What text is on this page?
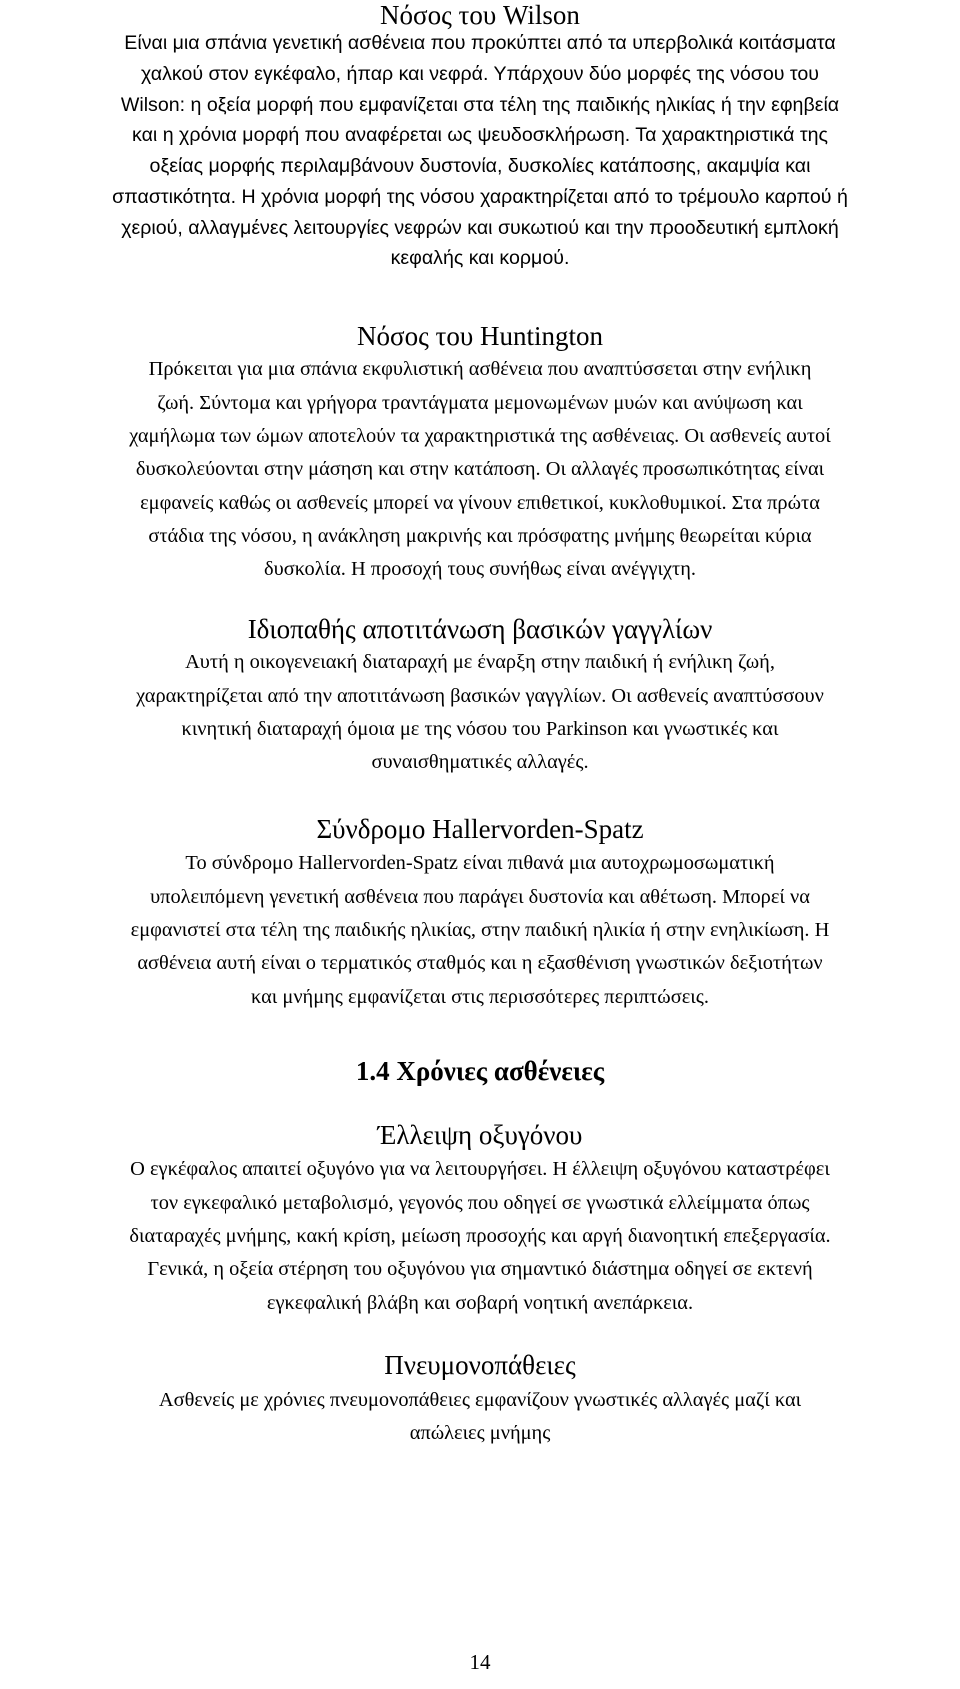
Νόσος του Wilson

Είναι μια σπάνια γενετική ασθένεια που προκύπτει από τα υπερβολικά κοιτάσματα

χαλκού στον εγκέφαλο, ήπαρ και νεφρά. Υπάρχουν δύο μορφές της νόσου του

Wilson: η οξεία μορφή που εμφανίζεται στα τέλη της παιδικής ηλικίας ή την εφηβεία

και η χρόνια μορφή που αναφέρεται ως ψευδοσκλήρωση. Τα χαρακτηριστικά της

οξείας μορφής περιλαμβάνουν δυστονία, δυσκολίες κατάποσης, ακαμψία και

σπαστικότητα. Η χρόνια μορφή της νόσου χαρακτηρίζεται από το τρέμουλο καρπού ή

χεριού, αλλαγμένες λειτουργίες νεφρών και συκωτιού και την προοδευτική εμπλοκή

κεφαλής και κορμού.

Νόσος του Huntington

Πρόκειται για μια σπάνια εκφυλιστική ασθένεια που αναπτύσσεται στην ενήλικη

ζωή. Σύντομα και γρήγορα τραντάγματα μεμονωμένων μυών και ανύψωση και

χαμήλωμα των ώμων αποτελούν τα χαρακτηριστικά της ασθένειας. Οι ασθενείς αυτοί

δυσκολεύονται στην μάσηση και στην κατάποση. Οι αλλαγές προσωπικότητας είναι

εμφανείς καθώς οι ασθενείς μπορεί να γίνουν επιθετικοί, κυκλοθυμικοί. Στα πρώτα

στάδια της νόσου, η ανάκληση μακρινής και πρόσφατης μνήμης θεωρείται κύρια

δυσκολία. Η προσοχή τους συνήθως είναι ανέγγιχτη.

Ιδιοπαθής αποτιτάνωση βασικών γαγγλίων

Αυτή η οικογενειακή διαταραχή με έναρξη στην παιδική ή ενήλικη ζωή,

χαρακτηρίζεται από την αποτιτάνωση βασικών γαγγλίων. Οι ασθενείς αναπτύσσουν

κινητική διαταραχή όμοια με της νόσου του Parkinson και γνωστικές και

συναισθηματικές αλλαγές.

Σύνδρομο Hallervorden-Spatz

Το σύνδρομο Hallervorden-Spatz είναι πιθανά μια αυτοχρωμοσωματική

υπολειπόμενη γενετική ασθένεια που παράγει δυστονία και αθέτωση. Μπορεί να

εμφανιστεί στα τέλη της παιδικής ηλικίας, στην παιδική ηλικία ή στην ενηλικίωση. Η

ασθένεια αυτή είναι ο τερματικός σταθμός και η εξασθένιση γνωστικών δεξιοτήτων

και μνήμης εμφανίζεται στις περισσότερες περιπτώσεις.

1.4 Χρόνιες ασθένειες
Έλλειψη οξυγόνου

Ο εγκέφαλος απαιτεί οξυγόνο για να λειτουργήσει. Η έλλειψη οξυγόνου καταστρέφει

τον εγκεφαλικό μεταβολισμό, γεγονός που οδηγεί σε γνωστικά ελλείμματα όπως

διαταραχές μνήμης, κακή κρίση, μείωση προσοχής και αργή διανοητική επεξεργασία.

Γενικά, η οξεία στέρηση του οξυγόνου για σημαντικό διάστημα οδηγεί σε εκτενή

εγκεφαλική βλάβη και σοβαρή νοητική ανεπάρκεια.

Πνευμονοπάθειες

Ασθενείς με χρόνιες πνευμονοπάθειες εμφανίζουν γνωστικές αλλαγές μαζί και

απώλειες μνήμης

14
